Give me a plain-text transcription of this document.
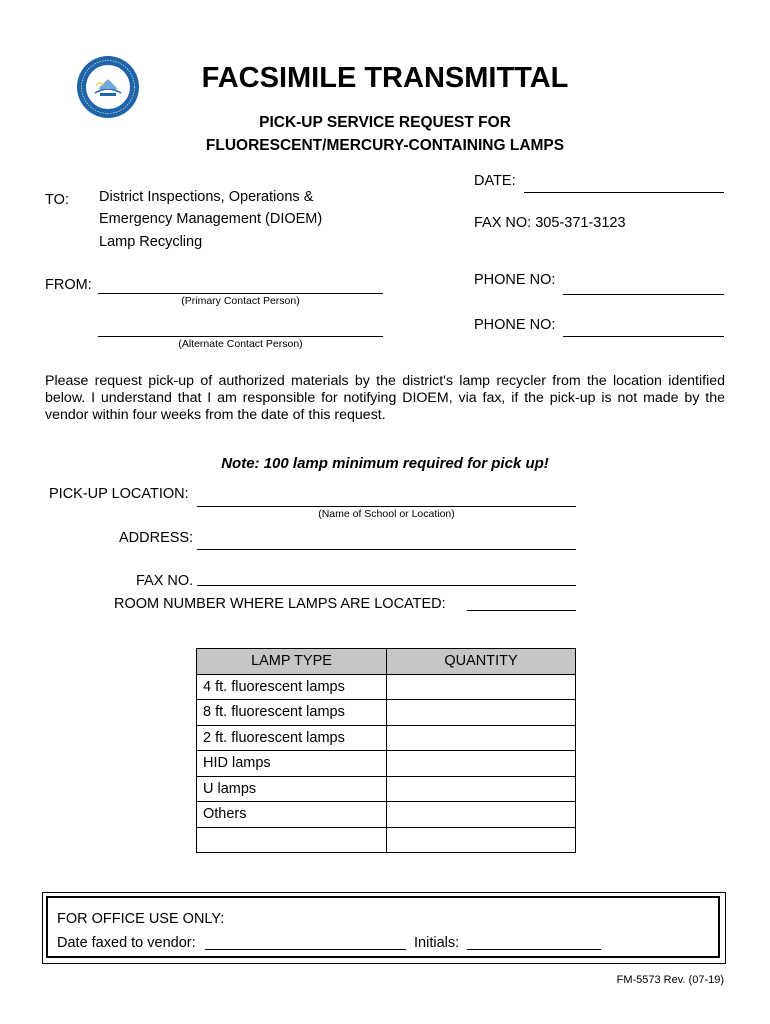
FACSIMILE TRANSMITTAL
PICK-UP SERVICE REQUEST FOR
FLUORESCENT/MERCURY-CONTAINING LAMPS
TO: District Inspections, Operations &
Emergency Management (DIOEM)
Lamp Recycling
DATE:
FAX NO: 305-371-3123
FROM:
(Primary Contact Person)
PHONE NO:
(Alternate Contact Person)
PHONE NO:
Please request pick-up of authorized materials by the district's lamp recycler from the location identified below. I understand that I am responsible for notifying DIOEM, via fax, if the pick-up is not made by the vendor within four weeks from the date of this request.
Note: 100 lamp minimum required for pick up!
PICK-UP LOCATION:
(Name of School or Location)
ADDRESS:
FAX NO.
ROOM NUMBER WHERE LAMPS ARE LOCATED:
LAMP TYPE	QUANTITY
4 ft. fluorescent lamps	
8 ft. fluorescent lamps	
2 ft. fluorescent lamps	
HID lamps	
U lamps	
Others	

FOR OFFICE USE ONLY:
Date faxed to vendor:	Initials:
FM-5573 Rev. (07-19)
